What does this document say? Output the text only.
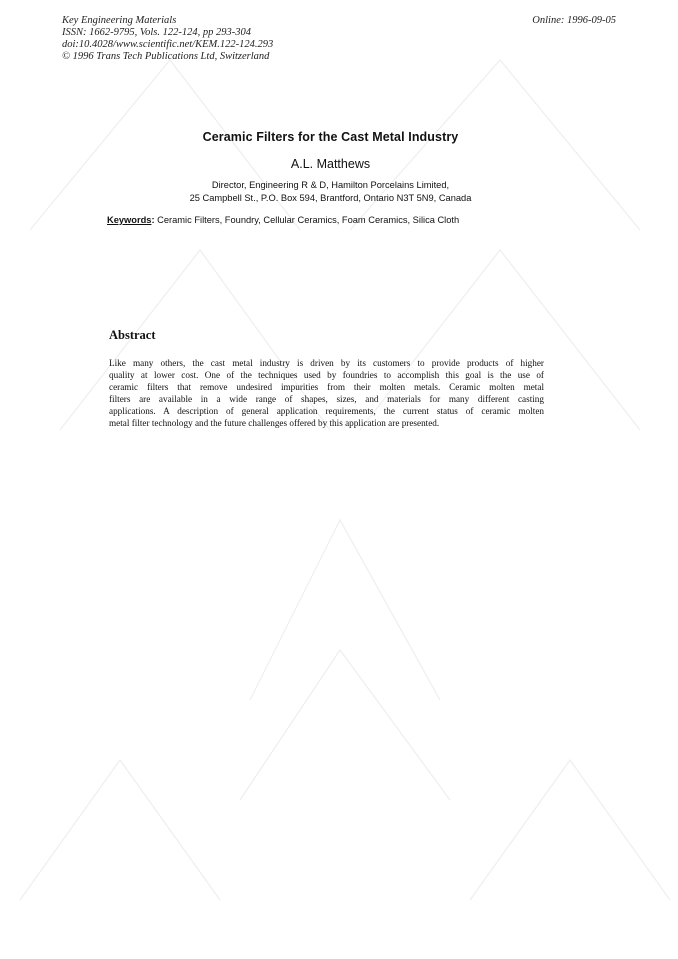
Key Engineering Materials
ISSN: 1662-9795, Vols. 122-124, pp 293-304
doi:10.4028/www.scientific.net/KEM.122-124.293
© 1996 Trans Tech Publications Ltd, Switzerland
Online: 1996-09-05
Ceramic Filters for the Cast Metal Industry
A.L. Matthews
Director, Engineering R & D, Hamilton Porcelains Limited,
25 Campbell St., P.O. Box 594, Brantford, Ontario N3T 5N9, Canada
Keywords: Ceramic Filters, Foundry, Cellular Ceramics, Foam Ceramics, Silica Cloth
Abstract
Like many others, the cast metal industry is driven by its customers to provide products of higher
quality at lower cost. One of the techniques used by foundries to accomplish this goal is the use of
ceramic filters that remove undesired impurities from their molten metals. Ceramic molten metal
filters are available in a wide range of shapes, sizes, and materials for many different casting
applications. A description of general application requirements, the current status of ceramic molten
metal filter technology and the future challenges offered by this application are presented.
